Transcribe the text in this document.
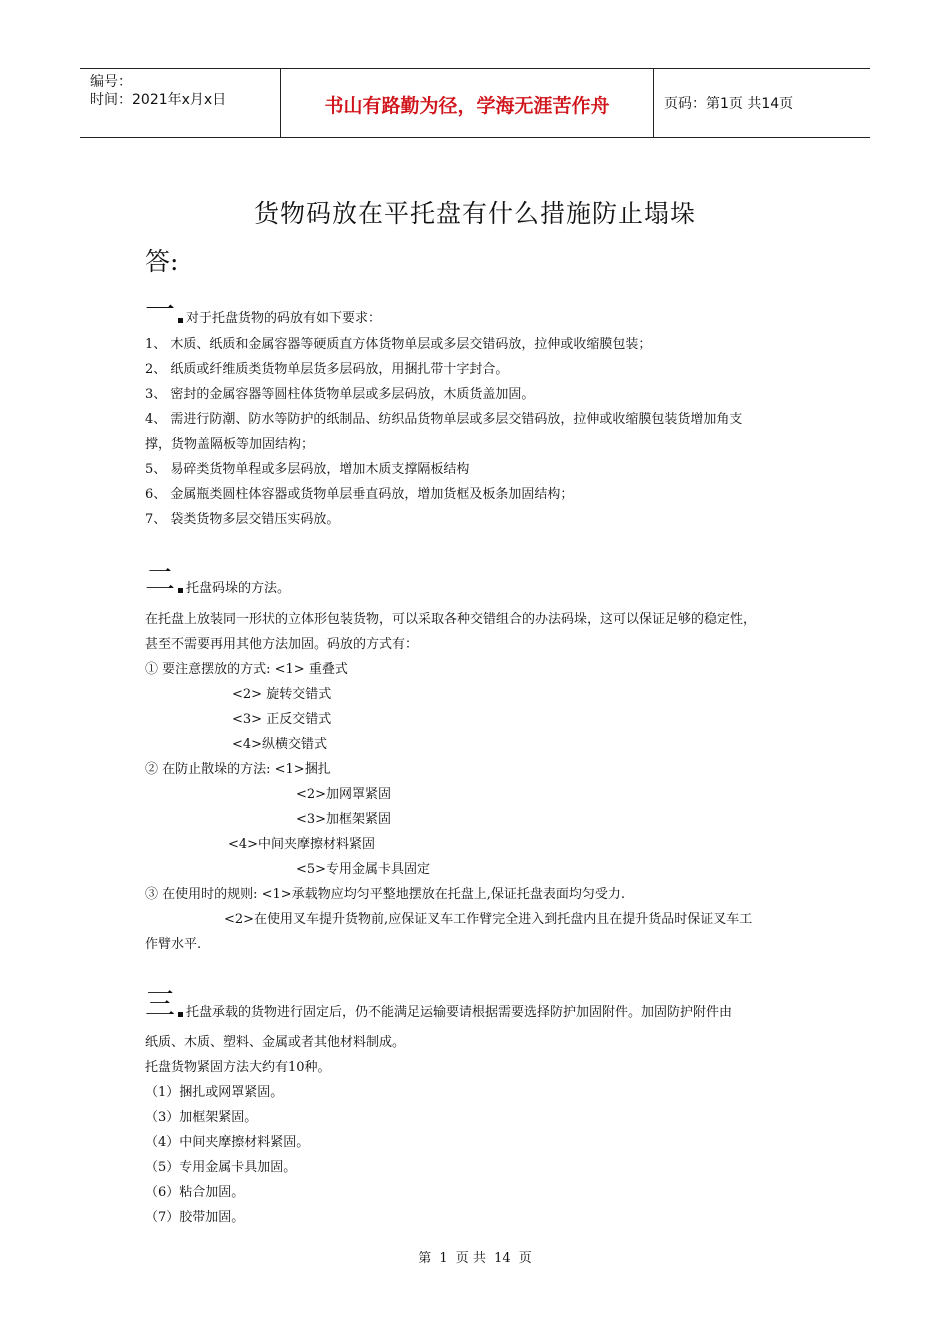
编号：
时间：2021年x月x日	书山有路勤为径，学海无涯苦作舟	页码：第1页 共14页
货物码放在平托盘有什么措施防止塌垛
答:
一对于托盘货物的码放有如下要求：
1、 木质、纸质和金属容器等硬质直方体货物单层或多层交错码放，拉伸或收缩膜包装；
2、 纸质或纤维质类货物单层货多层码放，用捆扎带十字封合。
3、 密封的金属容器等圆柱体货物单层或多层码放，木质货盖加固。
4、 需进行防潮、防水等防护的纸制品、纺织品货物单层或多层交错码放，拉伸或收缩膜包装货增加角支
撑，货物盖隔板等加固结构；
5、 易碎类货物单程或多层码放，增加木质支撑隔板结构
6、 金属瓶类圆柱体容器或货物单层垂直码放，增加货框及板条加固结构；
7、 袋类货物多层交错压实码放。
二托盘码垛的方法。
在托盘上放装同一形状的立体形包装货物，可以采取各种交错组合的办法码垛，这可以保证足够的稳定性，
甚至不需要再用其他方法加固。码放的方式有：
① 要注意摆放的方式: <1> 重叠式
<2> 旋转交错式
<3> 正反交错式
<4>纵横交错式
② 在防止散垛的方法: <1>捆扎
<2>加网罩紧固
<3>加框架紧固
<4>中间夹摩擦材料紧固
<5>专用金属卡具固定
③ 在使用时的规则: <1>承载物应均匀平整地摆放在托盘上,保证托盘表面均匀受力.
<2>在使用叉车提升货物前,应保证叉车工作臂完全进入到托盘内且在提升货品时保证叉车工
作臂水平.
三托盘承载的货物进行固定后，仍不能满足运输要请根据需要选择防护加固附件。加固防护附件由
纸质、木质、塑料、金属或者其他材料制成。
托盘货物紧固方法大约有10种。
（1）捆扎或网罩紧固。
（3）加框架紧固。
（4）中间夹摩擦材料紧固。
（5）专用金属卡具加固。
（6）粘合加固。
（7）胶带加固。
第 1 页 共 14 页
